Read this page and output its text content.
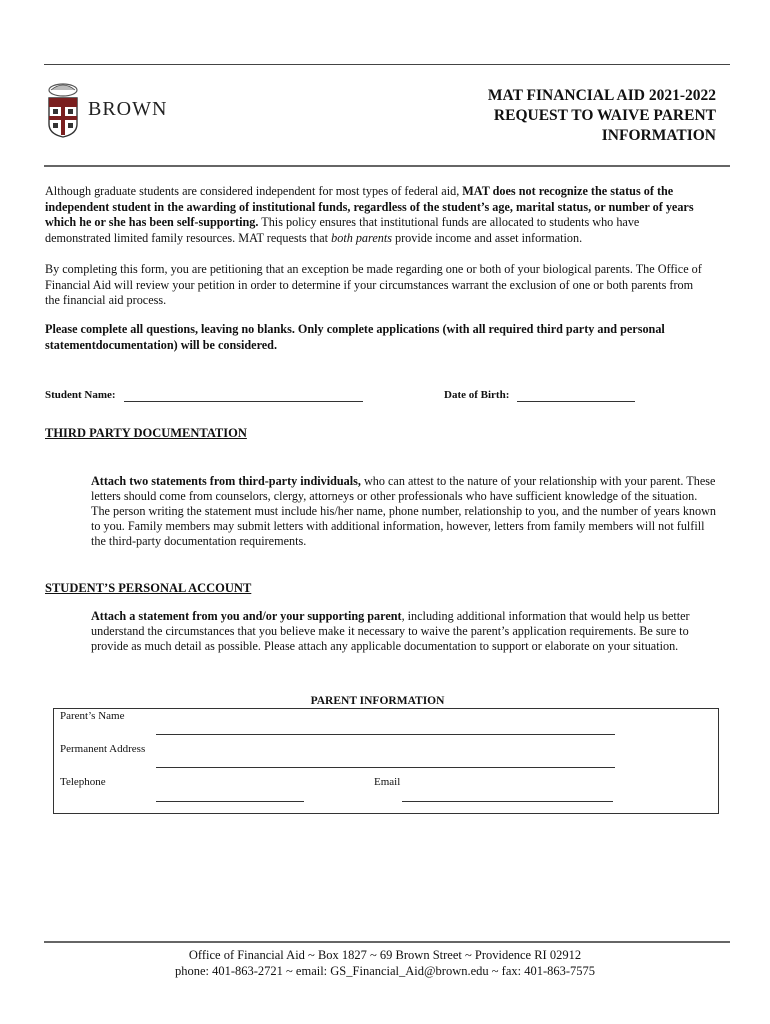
BROWN
MAT FINANCIAL AID 2021-2022
REQUEST TO WAIVE PARENT
INFORMATION
Although graduate students are considered independent for most types of federal aid, MAT does not recognize the status of the independent student in the awarding of institutional funds, regardless of the student’s age, marital status, or number of years which he or she has been self-supporting. This policy ensures that institutional funds are allocated to students who have demonstrated limited family resources. MAT requests that both parents provide income and asset information.
By completing this form, you are petitioning that an exception be made regarding one or both of your biological parents. The Office of Financial Aid will review your petition in order to determine if your circumstances warrant the exclusion of one or both parents from the financial aid process.
Please complete all questions, leaving no blanks. Only complete applications (with all required third party and personal statementdocumentation) will be considered.
Student Name:	Date of Birth:
THIRD PARTY DOCUMENTATION
Attach two statements from third-party individuals, who can attest to the nature of your relationship with your parent. These letters should come from counselors, clergy, attorneys or other professionals who have sufficient knowledge of the situation. The person writing the statement must include his/her name, phone number, relationship to you, and the number of years known to you. Family members may submit letters with additional information, however, letters from family members will not fulfill the third-party documentation requirements.
STUDENT’S PERSONAL ACCOUNT
Attach a statement from you and/or your supporting parent, including additional information that would help us better understand the circumstances that you believe make it necessary to waive the parent’s application requirements. Be sure to provide as much detail as possible. Please attach any applicable documentation to support or elaborate on your situation.
PARENT INFORMATION
Parent’s Name
Permanent Address
Telephone	Email
Office of Financial Aid ~ Box 1827 ~ 69 Brown Street ~ Providence RI 02912
phone: 401-863-2721 ~ email: GS_Financial_Aid@brown.edu ~ fax: 401-863-7575
